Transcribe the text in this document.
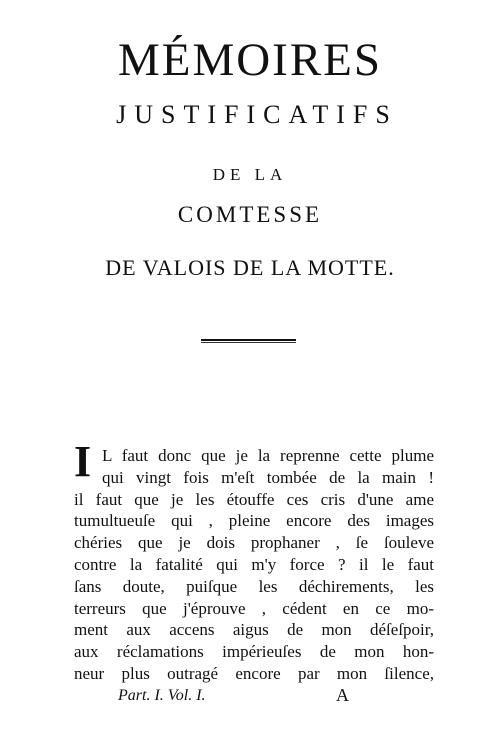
MÉMOIRES
JUSTIFICATIFS
DE LA
COMTESSE
DE VALOIS DE LA MOTTE.
I L faut donc que je la reprenne cette plume
qui vingt fois m'eſt tombée de la main !
il faut que je les étouffe ces cris d'une ame
tumultueuſe qui , pleine encore des images
chéries que je dois prophaner , ſe ſouleve
contre la fatalité qui m'y force ? il le faut
ſans doute, puiſque les déchirements, les
terreurs que j'éprouve , cédent en ce mo-
ment aux accens aigus de mon déſeſpoir,
aux réclamations impérieuſes de mon hon-
neur plus outragé encore par mon ſilence,
Part. I. Vol. I.	A
